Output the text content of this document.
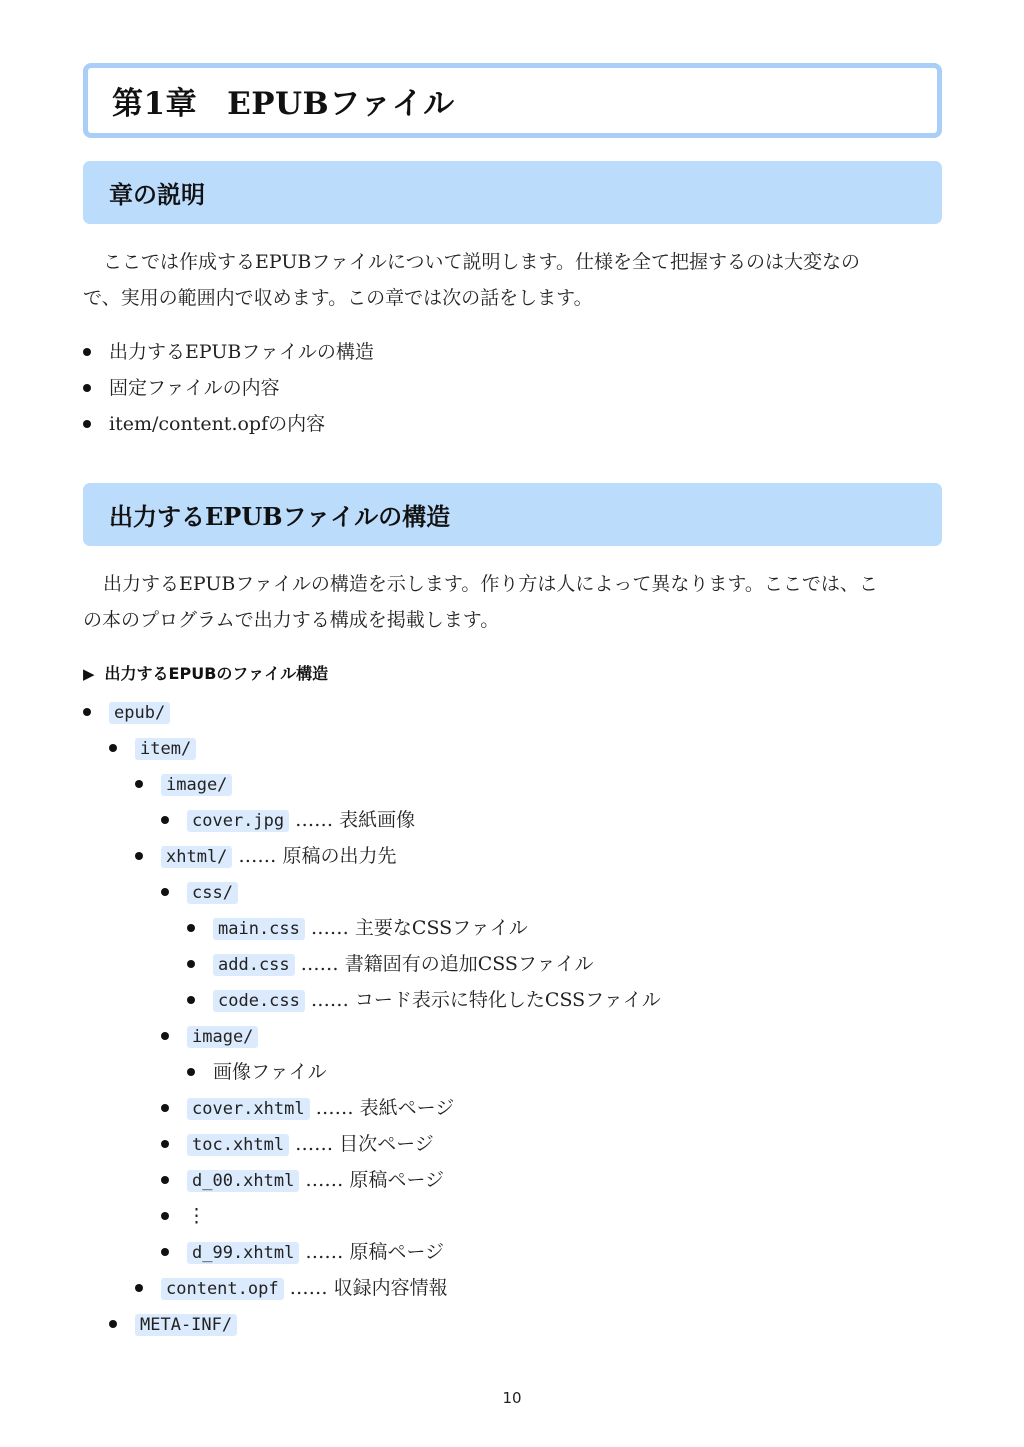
第1章 EPUBファイル
章の説明

ここでは作成するEPUBファイルについて説明します。仕様を全て把握するのは大変なの

で、実用の範囲内で収めます。この章では次の話をします。

出力するEPUBファイルの構造
固定ファイルの内容
item/content.opfの内容
出力するEPUBファイルの構造

出力するEPUBファイルの構造を示します。作り方は人によって異なります。ここでは、こ

の本のプログラムで出力する構成を掲載します。

▶ 出力するEPUBのファイル構造
epub/
item/
image/
cover.jpg …… 表紙画像
xhtml/ …… 原稿の出力先
css/
main.css …… 主要なCSSファイル
add.css …… 書籍固有の追加CSSファイル
code.css …… コード表示に特化したCSSファイル
image/
画像ファイル
cover.xhtml …… 表紙ページ
toc.xhtml …… 目次ページ
d_00.xhtml …… 原稿ページ
⋮
d_99.xhtml …… 原稿ページ
content.opf …… 収録内容情報
META-INF/
10
